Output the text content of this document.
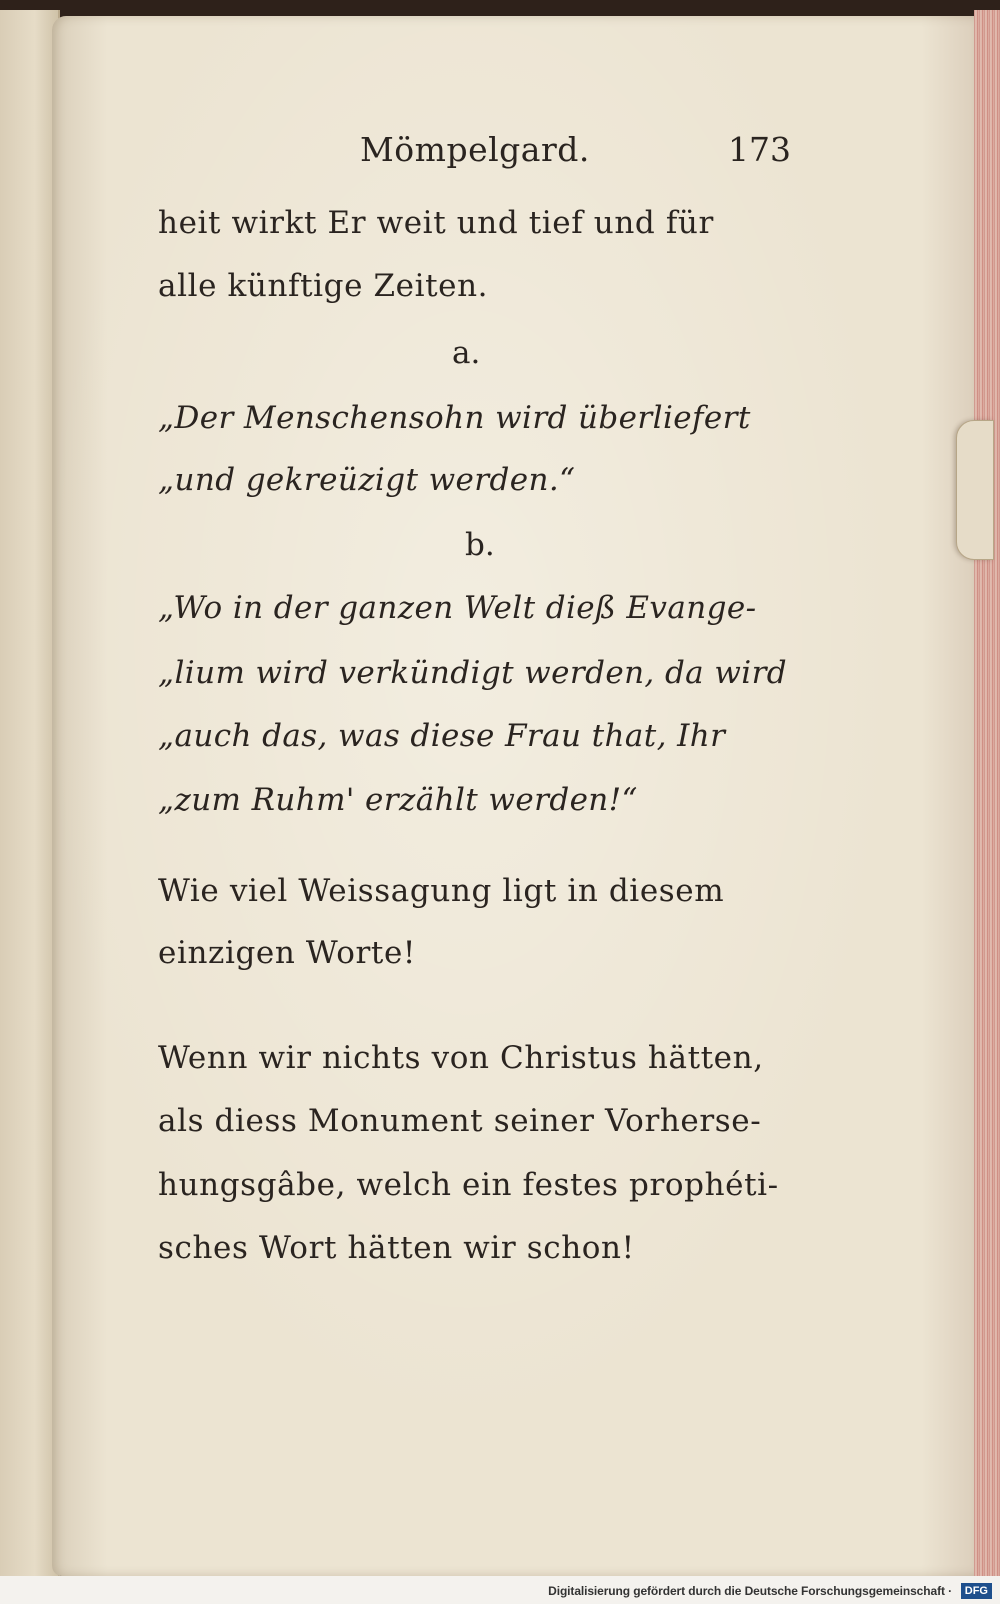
Mömpelgard.	173
heit wirkt Er weit und tief und für
alle künftige Zeiten.
a.
„Der Menschensohn wird überliefert
„und gekreüzigt werden.“
b.
„Wo in der ganzen Welt dieß Evange-
„lium wird verkündigt werden, da wird
„auch das, was diese Frau that, Ihr
„zum Ruhm' erzählt werden!“
Wie viel Weissagung ligt in diesem
einzigen Worte!
Wenn wir nichts von Christus hätten,
als diess Monument seiner Vorherse-
hungsgâbe, welch ein festes prophéti-
sches Wort hätten wir schon!
Digitalisierung gefördert durch die Deutsche Forschungsgemeinschaft ·	DFG
